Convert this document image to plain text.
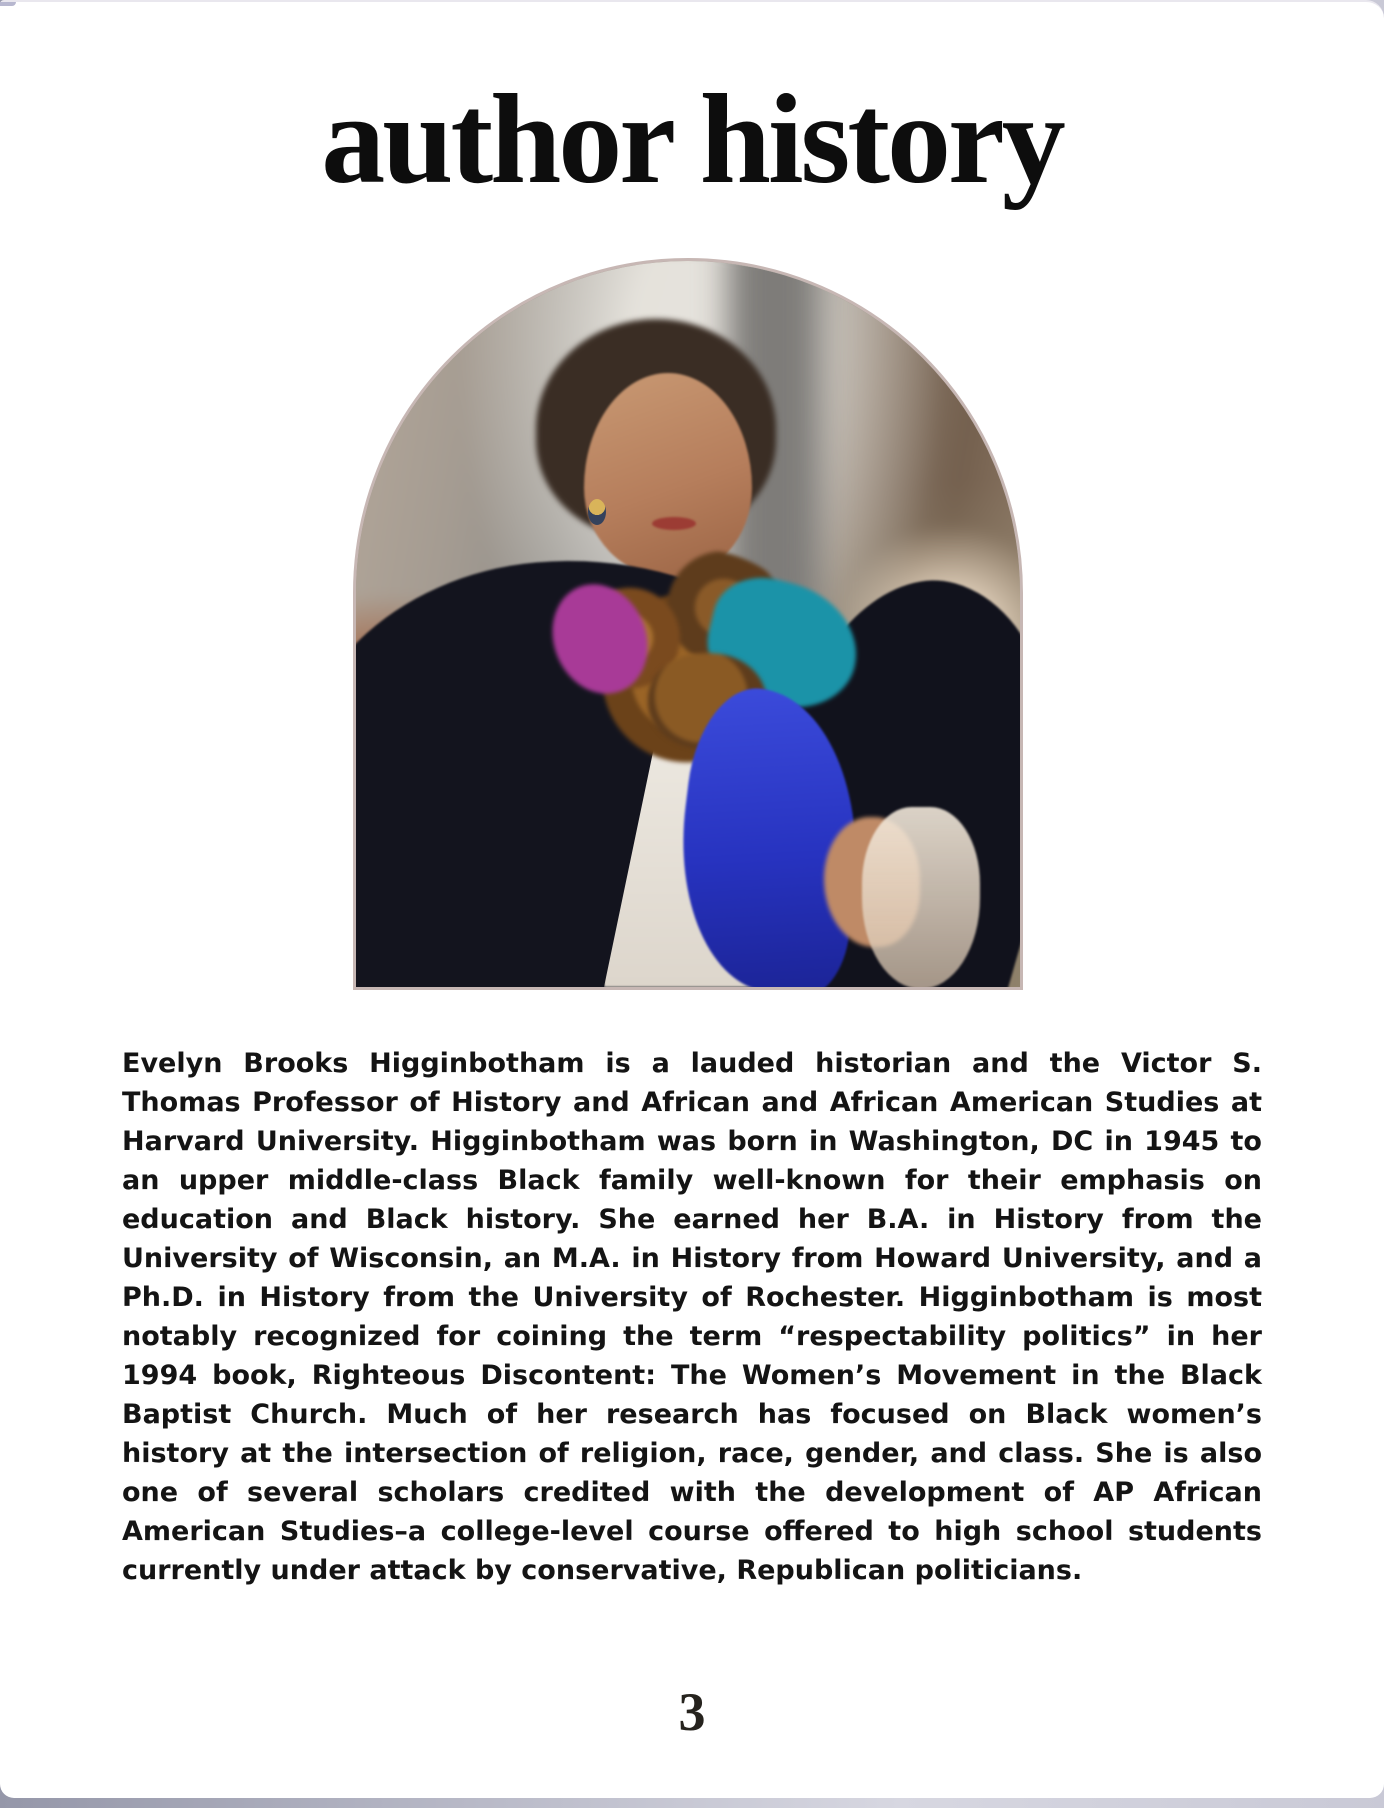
author history

Evelyn Brooks Higginbotham is a lauded historian and the Victor S. Thomas Professor of History and African and African American Studies at Harvard University. Higginbotham was born in Washington, DC in 1945 to an upper middle-class Black family well-known for their emphasis on education and Black history. She earned her B.A. in History from the University of Wisconsin, an M.A. in History from Howard University, and a Ph.D. in History from the University of Rochester. Higginbotham is most notably recognized for coining the term “respectability politics” in her 1994 book, Righteous Discontent: The Women’s Movement in the Black Baptist Church. Much of her research has focused on Black women’s history at the intersection of religion, race, gender, and class. She is also one of several scholars credited with the development of AP African American Studies–a college-level course offered to high school students currently under attack by conservative, Republican politicians.

3
